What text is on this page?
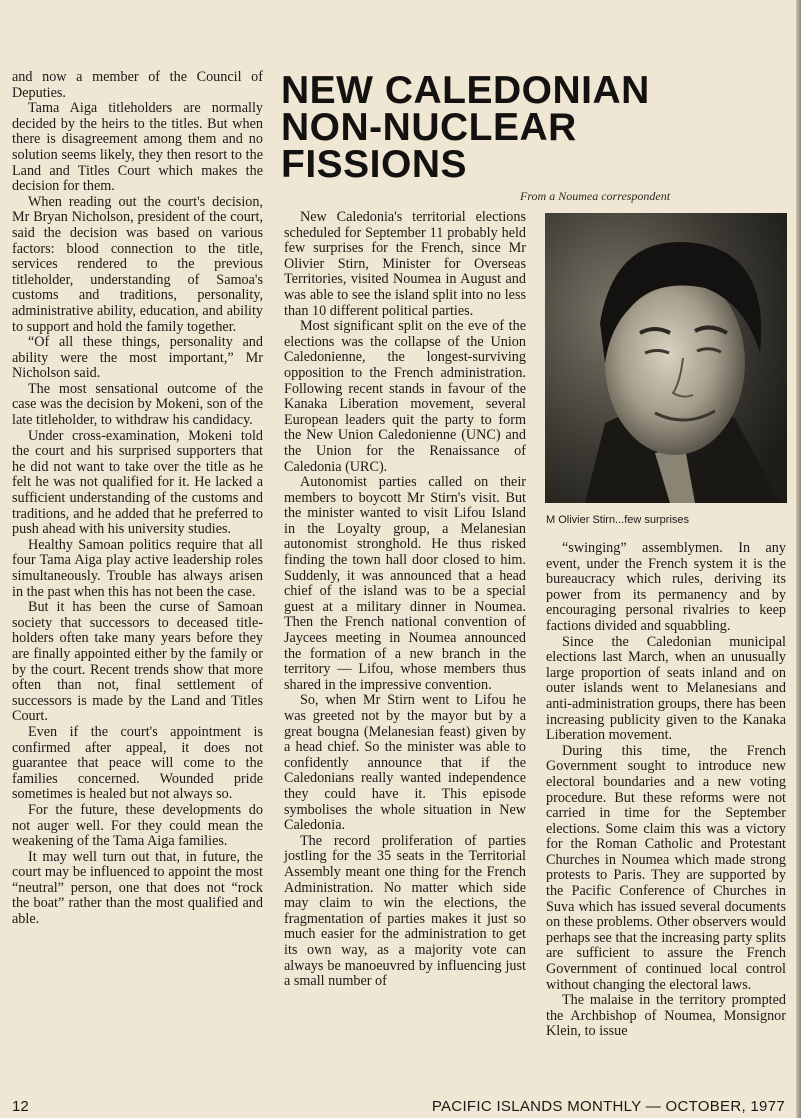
and now a member of the Council of Deputies.

Tama Aiga titleholders are normally decided by the heirs to the titles. But when there is disagreement among them and no solution seems likely, they then resort to the Land and Titles Court which makes the decision for them.

When reading out the court's decision, Mr Bryan Nicholson, president of the court, said the decision was based on various factors: blood connection to the title, services rendered to the previous titleholder, understanding of Samoa's customs and traditions, personality, administrative ability, education, and ability to support and hold the family together.

“Of all these things, personality and ability were the most important,” Mr Nicholson said.

The most sensational outcome of the case was the decision by Mokeni, son of the late titleholder, to withdraw his candidacy.

Under cross-examination, Mokeni told the court and his surprised supporters that he did not want to take over the title as he felt he was not qualified for it. He lacked a sufficient understanding of the customs and traditions, and he added that he preferred to push ahead with his university studies.

Healthy Samoan politics require that all four Tama Aiga play active leadership roles simultaneously. Trouble has always arisen in the past when this has not been the case.

But it has been the curse of Samoan society that successors to deceased title-holders often take many years before they are finally appointed either by the family or by the court. Recent trends show that more often than not, final settlement of successors is made by the Land and Titles Court.

Even if the court's appointment is confirmed after appeal, it does not guarantee that peace will come to the families concerned. Wounded pride sometimes is healed but not always so.

For the future, these developments do not auger well. For they could mean the weakening of the Tama Aiga families.

It may well turn out that, in future, the court may be influenced to appoint the most “neutral” person, one that does not “rock the boat” rather than the most qualified and able.

NEW CALEDONIAN
NON-NUCLEAR
FISSIONS
From a Noumea correspondent

New Caledonia's territorial elections scheduled for September 11 probably held few surprises for the French, since Mr Olivier Stirn, Minister for Overseas Territories, visited Noumea in August and was able to see the island split into no less than 10 different political parties.

Most significant split on the eve of the elections was the collapse of the Union Caledonienne, the longest-surviving opposition to the French administration. Following recent stands in favour of the Kanaka Liberation movement, several European leaders quit the party to form the New Union Caledonienne (UNC) and the Union for the Renaissance of Caledonia (URC).

Autonomist parties called on their members to boycott Mr Stirn's visit. But the minister wanted to visit Lifou Island in the Loyalty group, a Melanesian autonomist stronghold. He thus risked finding the town hall door closed to him. Suddenly, it was announced that a head chief of the island was to be a special guest at a military dinner in Noumea. Then the French national convention of Jaycees meeting in Noumea announced the formation of a new branch in the territory — Lifou, whose members thus shared in the impressive convention.

So, when Mr Stirn went to Lifou he was greeted not by the mayor but by a great bougna (Melanesian feast) given by a head chief. So the minister was able to confidently announce that if the Caledonians really wanted independence they could have it. This episode symbolises the whole situation in New Caledonia.

The record proliferation of parties jostling for the 35 seats in the Territorial Assembly meant one thing for the French Administration. No matter which side may claim to win the elections, the fragmentation of parties makes it just so much easier for the administration to get its own way, as a majority vote can always be manoeuvred by influencing just a small number of

M Olivier Stirn...few surprises

“swinging” assemblymen. In any event, under the French system it is the bureaucracy which rules, deriving its power from its permanency and by encouraging personal rivalries to keep factions divided and squabbling.

Since the Caledonian municipal elections last March, when an unusually large proportion of seats inland and on outer islands went to Melanesians and anti-administration groups, there has been increasing publicity given to the Kanaka Liberation movement.

During this time, the French Government sought to introduce new electoral boundaries and a new voting procedure. But these reforms were not carried in time for the September elections. Some claim this was a victory for the Roman Catholic and Protestant Churches in Noumea which made strong protests to Paris. They are supported by the Pacific Conference of Churches in Suva which has issued several documents on these problems. Other observers would perhaps see that the increasing party splits are sufficient to assure the French Government of continued local control without changing the electoral laws.

The malaise in the territory prompted the Archbishop of Noumea, Monsignor Klein, to issue

12	PACIFIC ISLANDS MONTHLY — OCTOBER, 1977
